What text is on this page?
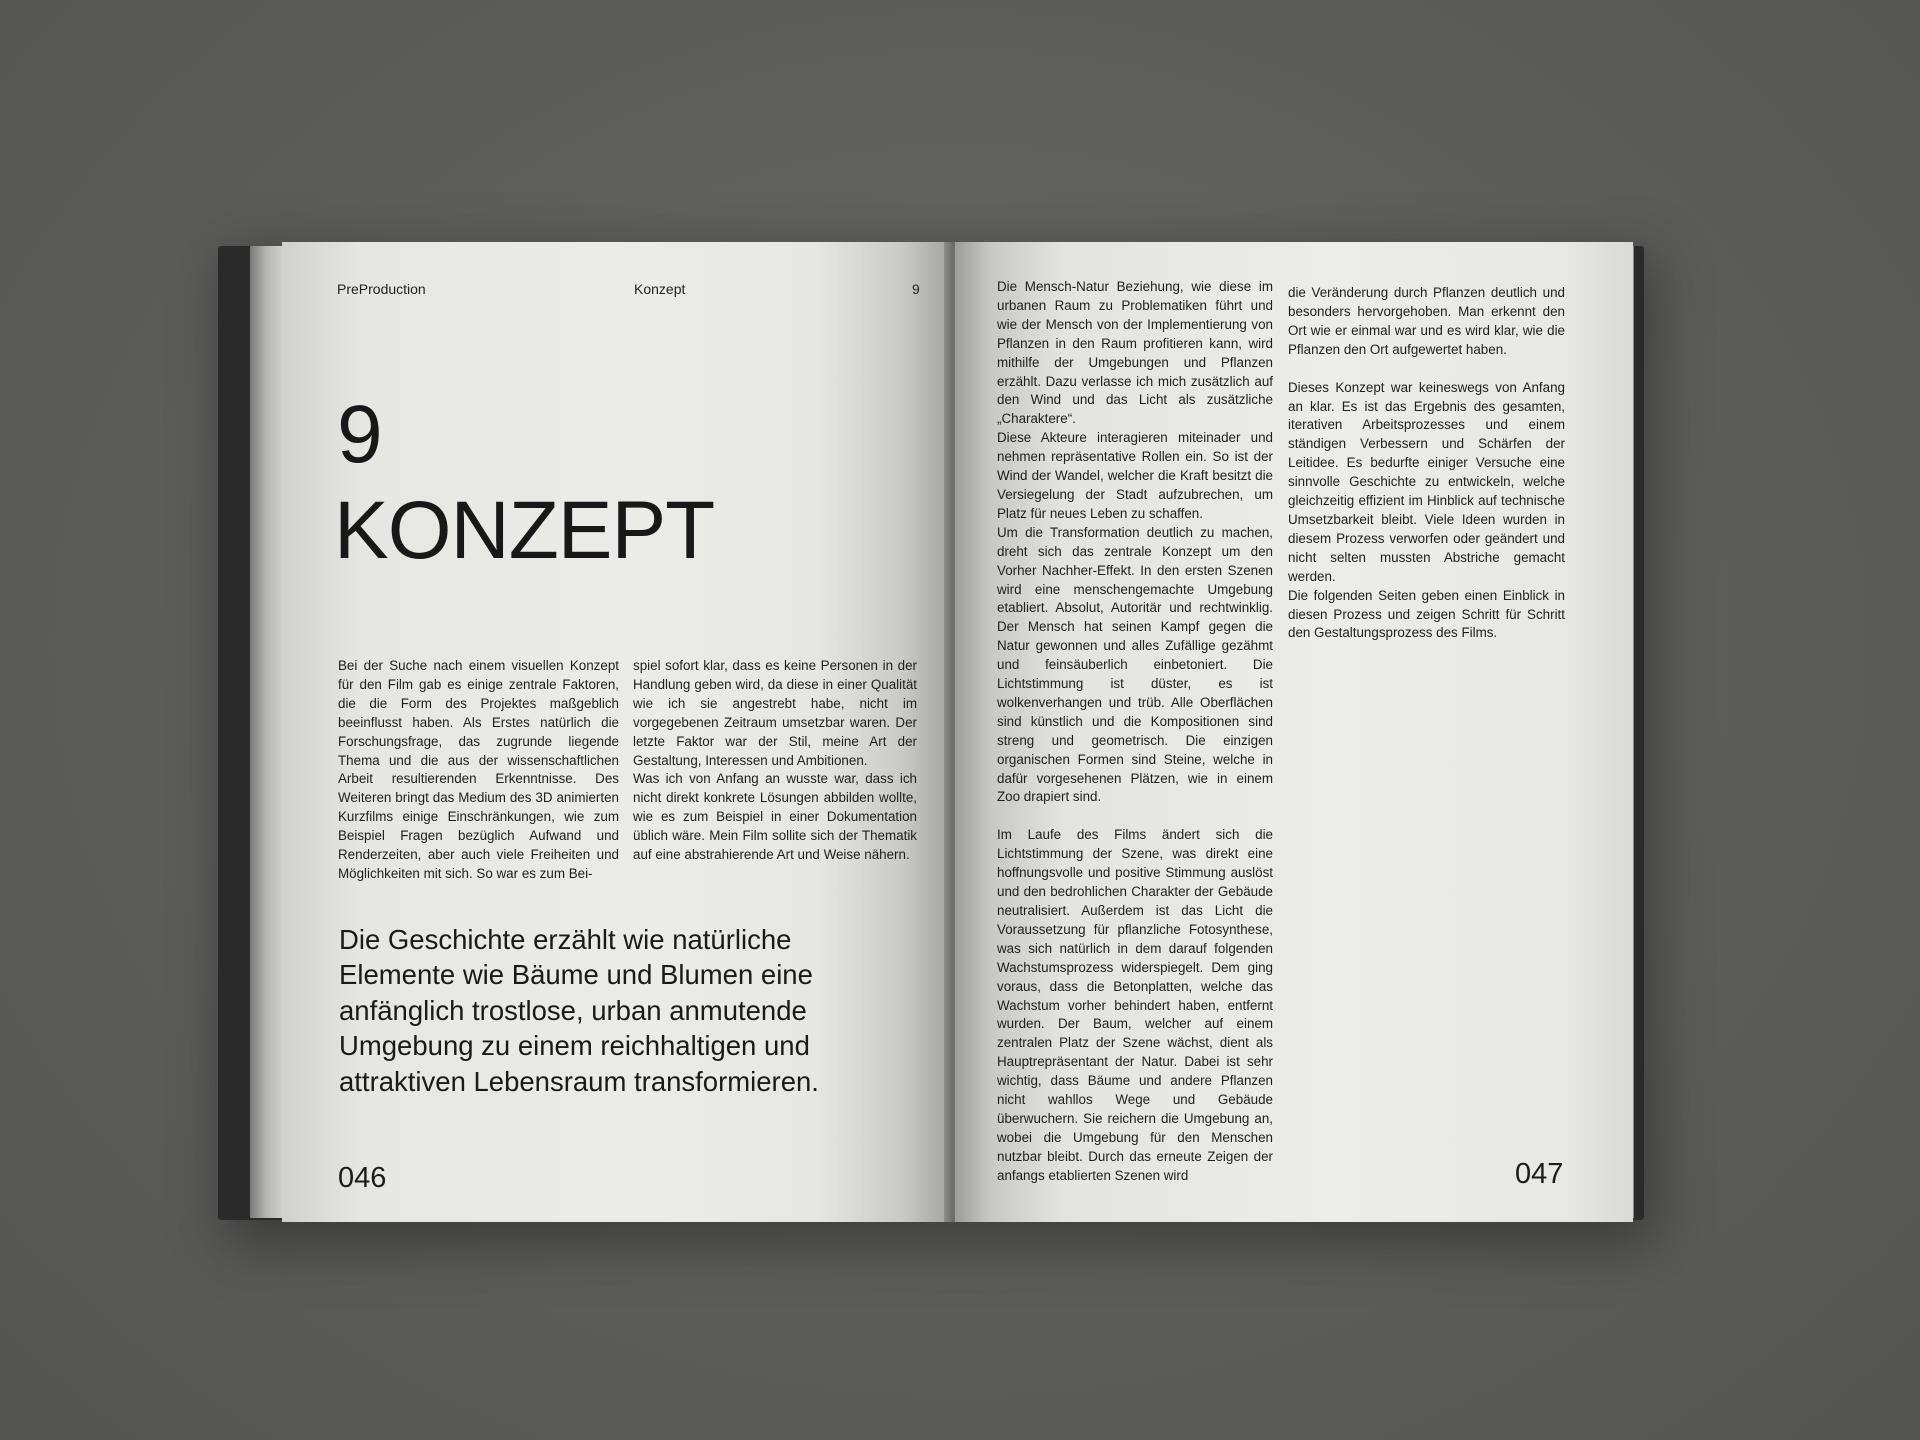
PreProduction	Konzept	9
9
KONZEPT

Bei der Suche nach einem visuellen Konzept für den Film gab es einige zentrale Faktoren, die die Form des Projektes maßgeblich beeinflusst haben. Als Erstes natürlich die Forschungsfrage, das zugrunde liegende Thema und die aus der wissenschaftlichen Arbeit resultierenden Erkenntnisse. Des Weiteren bringt das Medium des 3D animierten Kurzfilms einige Einschränkungen, wie zum Beispiel Fragen bezüglich Aufwand und Renderzeiten, aber auch viele Freiheiten und Möglichkeiten mit sich. So war es zum Bei-

spiel sofort klar, dass es keine Personen in der Handlung geben wird, da diese in einer Qualität wie ich sie angestrebt habe, nicht im vorgegebenen Zeitraum umsetzbar waren. Der letzte Faktor war der Stil, meine Art der Gestaltung, Interessen und Ambitionen.

Was ich von Anfang an wusste war, dass ich nicht direkt konkrete Lösungen abbilden wollte, wie es zum Beispiel in einer Dokumentation üblich wäre. Mein Film sollite sich der Thematik auf eine abstrahierende Art und Weise nähern.

Die Geschichte erzählt wie natürliche Elemente wie Bäume und Blumen eine anfänglich trostlose, urban anmutende Umgebung zu einem reichhaltigen und attraktiven Lebensraum transformieren.
046

Die Mensch-Natur Beziehung, wie diese im urbanen Raum zu Problematiken führt und wie der Mensch von der Implementierung von Pflanzen in den Raum profitieren kann, wird mithilfe der Umgebungen und Pflanzen erzählt. Dazu verlasse ich mich zusätzlich auf den Wind und das Licht als zusätzliche „Charaktere“.

Diese Akteure interagieren miteinader und nehmen repräsentative Rollen ein. So ist der Wind der Wandel, welcher die Kraft besitzt die Versiegelung der Stadt aufzubrechen, um Platz für neues Leben zu schaffen.

Um die Transformation deutlich zu machen, dreht sich das zentrale Konzept um den Vorher Nachher-Effekt. In den ersten Szenen wird eine menschengemachte Umgebung etabliert. Absolut, Autoritär und rechtwinklig. Der Mensch hat seinen Kampf gegen die Natur gewonnen und alles Zufällige gezähmt und feinsäuberlich einbetoniert. Die Lichtstimmung ist düster, es ist wolkenverhangen und trüb. Alle Oberflächen sind künstlich und die Kompositionen sind streng und geometrisch. Die einzigen organischen Formen sind Steine, welche in dafür vorgesehenen Plätzen, wie in einem Zoo drapiert sind.

Im Laufe des Films ändert sich die Lichtstimmung der Szene, was direkt eine hoffnungsvolle und positive Stimmung auslöst und den bedrohlichen Charakter der Gebäude neutralisiert. Außerdem ist das Licht die Voraussetzung für pflanzliche Fotosynthese, was sich natürlich in dem darauf folgenden Wachstumsprozess widerspiegelt. Dem ging voraus, dass die Betonplatten, welche das Wachstum vorher behindert haben, entfernt wurden. Der Baum, welcher auf einem zentralen Platz der Szene wächst, dient als Hauptrepräsentant der Natur. Dabei ist sehr wichtig, dass Bäume und andere Pflanzen nicht wahllos Wege und Gebäude überwuchern. Sie reichern die Umgebung an, wobei die Umgebung für den Menschen nutzbar bleibt. Durch das erneute Zeigen der anfangs etablierten Szenen wird

die Veränderung durch Pflanzen deutlich und besonders hervorgehoben. Man erkennt den Ort wie er einmal war und es wird klar, wie die Pflanzen den Ort aufgewertet haben.

Dieses Konzept war keineswegs von Anfang an klar. Es ist das Ergebnis des gesamten, iterativen Arbeitsprozesses und einem ständigen Verbessern und Schärfen der Leitidee. Es bedurfte einiger Versuche eine sinnvolle Geschichte zu entwickeln, welche gleichzeitig effizient im Hinblick auf technische Umsetzbarkeit bleibt. Viele Ideen wurden in diesem Prozess verworfen oder geändert und nicht selten mussten Abstriche gemacht werden.

Die folgenden Seiten geben einen Einblick in diesen Prozess und zeigen Schritt für Schritt den Gestaltungsprozess des Films.

047
